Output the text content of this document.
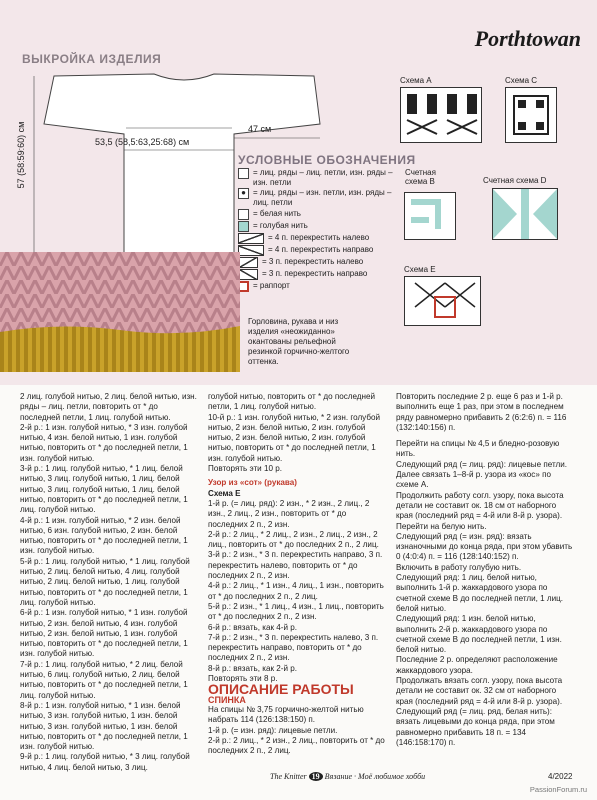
Porthtowan
ВЫКРОЙКА ИЗДЕЛИЯ
53,5 (58,5:63,25:68) см
47 см
57 (58:59:60) см	УСЛОВНЫЕ ОБОЗНАЧЕНИЯ
= лиц. ряды – лиц. петли, изн. ряды – изн. петли
● = лиц. ряды – изн. петли, изн. ряды – лиц. петли
= белая нить
= голубая нить
= 4 п. перекрестить налево
= 4 п. перекрестить направо
= 3 п. перекрестить налево
= 3 п. перекрестить направо
= раппорт
Горловина, рукава и низ изделия «неожиданно» окантованы рельефной резинкой горчично-желтого оттенка.
Схема А	Схема С
Счетная схема В	Счетная схема D
Схема Е

2 лиц. голубой нитью, 2 лиц. белой нитью, изн. ряды – лиц. петли, повторить от * до последней петли, 1 лиц. голубой нитью.

2-й р.: 1 изн. голубой нитью, * 3 изн. голубой нитью, 4 изн. белой нитью, 1 изн. голубой нитью, повторить от * до последней петли, 1 изн. голубой нитью.

3-й р.: 1 лиц. голубой нитью, * 1 лиц. белой нитью, 3 лиц. голубой нитью, 1 лиц. белой нитью, 3 лиц. голубой нитью, 1 лиц. белой нитью, повторить от * до последней петли, 1 лиц. голубой нитью.

4-й р.: 1 изн. голубой нитью, * 2 изн. белой нитью, 6 изн. голубой нитью, 2 изн. белой нитью, повторить от * до последней петли, 1 изн. голубой нитью.

5-й р.: 1 лиц. голубой нитью, * 1 лиц. голубой нитью, 2 лиц. белой нитью, 4 лиц. голубой нитью, 2 лиц. белой нитью, 1 лиц. голубой нитью, повторить от * до последней петли, 1 лиц. голубой нитью.

6-й р.: 1 изн. голубой нитью, * 1 изн. голубой нитью, 2 изн. белой нитью, 4 изн. голубой нитью, 2 изн. белой нитью, 1 изн. голубой нитью, повторить от * до последней петли, 1 изн. голубой нитью.

7-й р.: 1 лиц. голубой нитью, * 2 лиц. белой нитью, 6 лиц. голубой нитью, 2 лиц. белой нитью, повторить от * до последней петли, 1 лиц. голубой нитью.

8-й р.: 1 изн. голубой нитью, * 1 изн. белой нитью, 3 изн. голубой нитью, 1 изн. белой нитью, 3 изн. голубой нитью, 1 изн. белой нитью, повторить от * до последней петли, 1 изн. голубой нитью.

9-й р.: 1 лиц. голубой нитью, * 3 лиц. голубой нитью, 4 лиц. белой нитью, 3 лиц.

голубой нитью, повторить от * до последней петли, 1 лиц. голубой нитью.

10-й р.: 1 изн. голубой нитью, * 2 изн. голубой нитью, 2 изн. белой нитью, 2 изн. голубой нитью, 2 изн. белой нитью, 2 изн. голубой нитью, повторить от * до последней петли, 1 изн. голубой нитью.

Повторять эти 10 р.

Узор из «сот» (рукава)

Схема E

1-й р. (= лиц. ряд): 2 изн., * 2 изн., 2 лиц., 2 изн., 2 лиц., 2 изн., повторить от * до последних 2 п., 2 изн.

2-й р.: 2 лиц., * 2 лиц., 2 изн., 2 лиц., 2 изн., 2 лиц., повторить от * до последних 2 п., 2 лиц.

3-й р.: 2 изн., * 3 п. перекрестить направо, 3 п. перекрестить налево, повторить от * до последних 2 п., 2 изн.

4-й р.: 2 лиц., * 1 изн., 4 лиц., 1 изн., повторить от * до последних 2 п., 2 лиц.

5-й р.: 2 изн., * 1 лиц., 4 изн., 1 лиц., повторить от * до последних 2 п., 2 изн.

6-й р.: вязать, как 4-й р.

7-й р.: 2 изн., * 3 п. перекрестить налево, 3 п. перекрестить направо, повторить от * до последних 2 п., 2 изн.

8-й р.: вязать, как 2-й р.

Повторять эти 8 р.

ОПИСАНИЕ РАБОТЫ

СПИНКА

На спицы № 3,75 горчично-желтой нитью набрать 114 (126:138:150) п.

1-й р. (= изн. ряд): лицевые петли.

2-й р.: 2 лиц., * 2 изн., 2 лиц., повторить от * до последних 2 п., 2 лиц.

Повторить последние 2 р. еще 6 раз и 1-й р. выполнить еще 1 раз, при этом в последнем ряду равномерно прибавить 2 (6:2:6) п. = 116 (132:140:156) п.

Перейти на спицы № 4,5 и бледно-розовую нить.

Следующий ряд (= лиц. ряд): лицевые петли.

Далее связать 1–8-й р. узора из «кос» по схеме A.

Продолжить работу согл. узору, пока высота детали не составит ок. 18 см от наборного края (последний ряд = 4-й или 8-й р. узора).

Перейти на белую нить.

Следующий ряд (= изн. ряд): вязать изнаночными до конца ряда, при этом убавить 0 (4:0:4) п. = 116 (128:140:152) п.

Включить в работу голубую нить.

Следующий ряд: 1 лиц. белой нитью, выполнить 1-й р. жаккардового узора по счетной схеме B до последней петли, 1 лиц. белой нитью.

Следующий ряд: 1 изн. белой нитью, выполнить 2-й р. жаккардового узора по счетной схеме B до последней петли, 1 изн. белой нитью.

Последние 2 р. определяют расположение жаккардового узора.

Продолжать вязать согл. узору, пока высота детали не составит ок. 32 см от наборного края (последний ряд = 4-й или 8-й р. узора).

Следующий ряд (= лиц. ряд, белая нить): вязать лицевыми до конца ряда, при этом равномерно прибавить 18 п. = 134 (146:158:170) п.

The Knitter 19 Вязание · Моё любимое хобби	4/2022
PassionForum.ru
